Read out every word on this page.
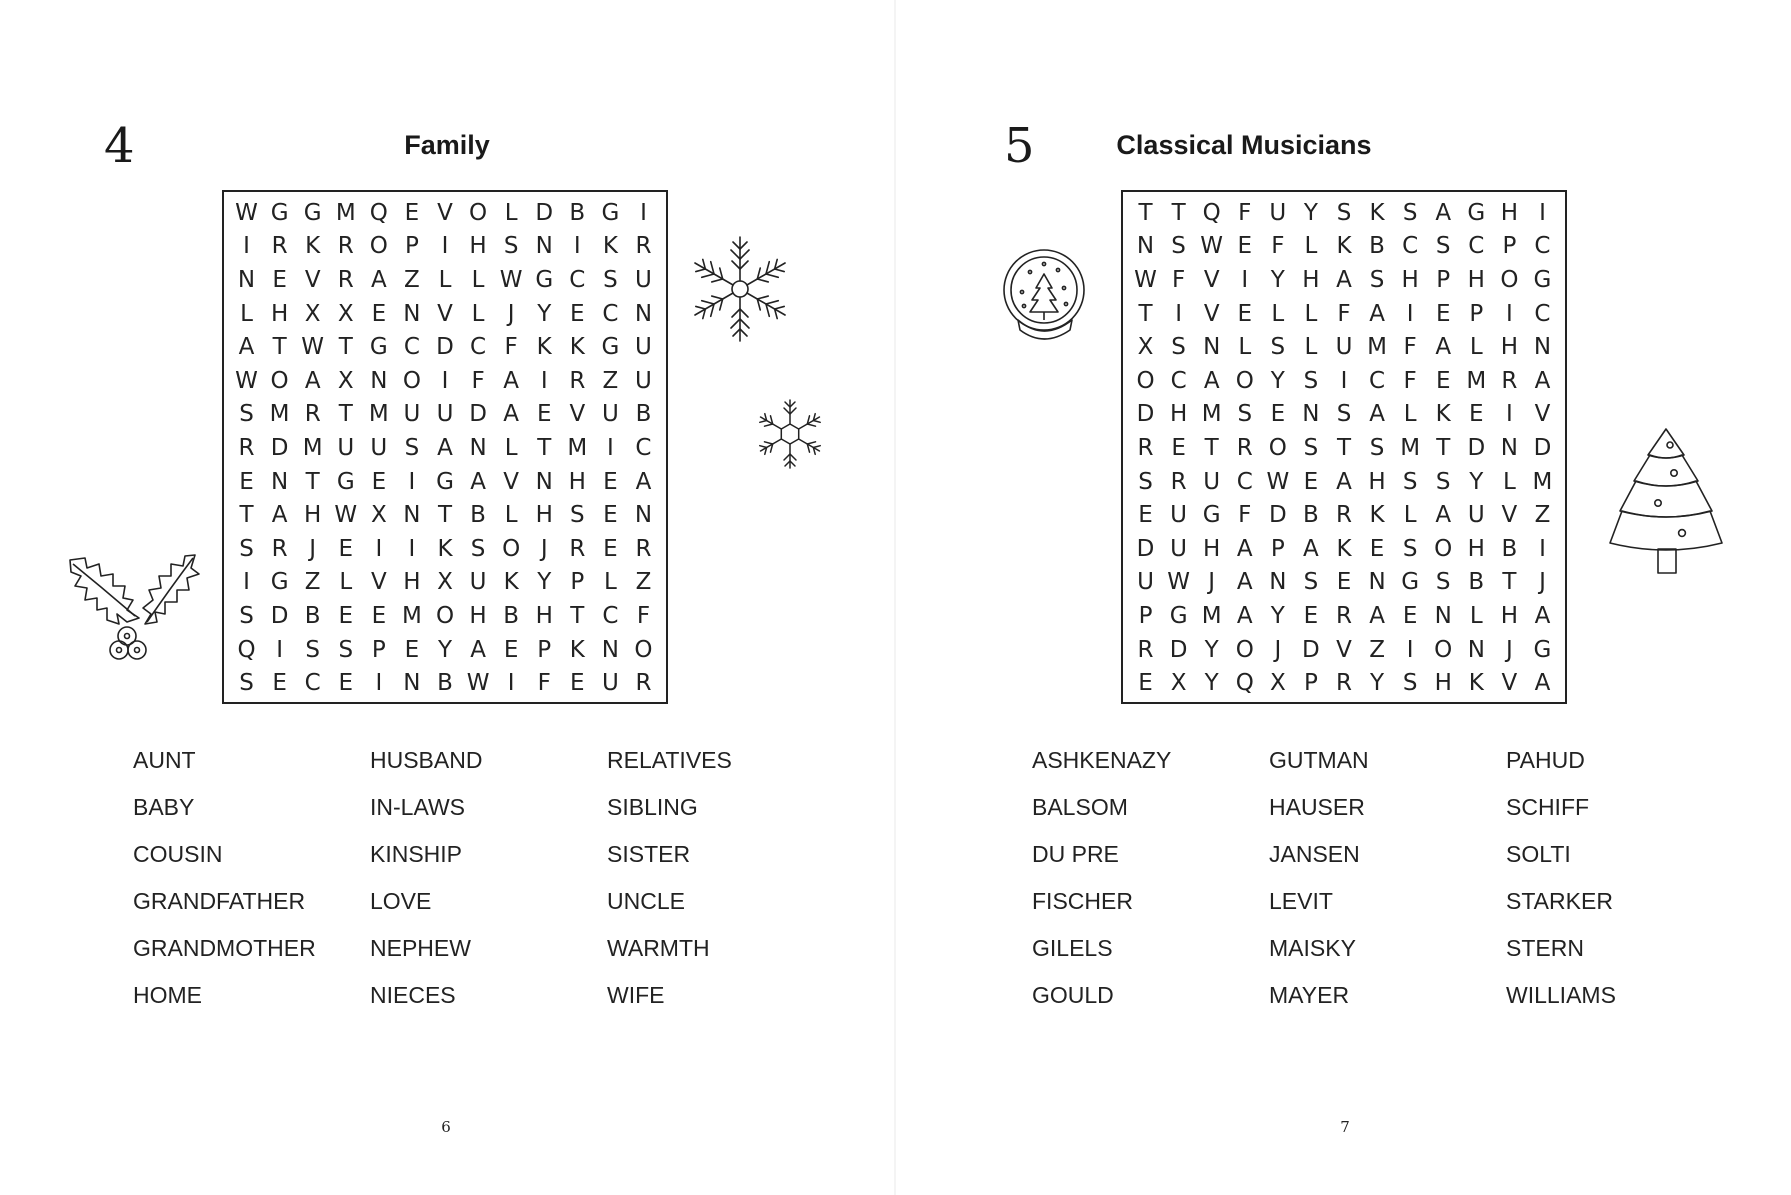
4	Family
W G G M Q E V O L D B G I
I R K R O P I H S N I K R
N E V R A Z L L W G C S U
L H X X E N V L	J Y E C N
A T W T G C D C F K K G U
W O A X N O I	F A I R Z U
S M R T M U U D A E V U B
R D M U U S A N L T M I C
E N T G E I G A V N H E A
T A H W X N T B L H S E N
S R J E I	I K S O J R E R
I G Z L V H X U K Y P L Z
S D B E E M O H B H T C F
Q I S S P E Y A E P K N O
S E C E I N B W I	F E U R
AUNT
BABY
COUSIN
GRANDFATHER
GRANDMOTHER
HOME
HUSBAND
IN-LAWS
KINSHIP
LOVE
NEPHEW
NIECES
RELATIVES
SIBLING
SISTER
UNCLE
WARMTH
WIFE
6
5	Classical Musicians
T T Q F U Y S K S A G H I
N S W E F L K B C S C P C
W F V I Y H A S H P H O G
T I V E L L F A I E P I C
X S N L S L U M F A L H N
O C A O Y S I C F E M R A
D H M S E N S A L K E I V
R E T R O S T S M T D N D
S R U C W E A H S S Y L M
E U G F D B R K L A U V Z
D U H A P A K E S O H B I
U W J A N S E N G S B T J
P G M A Y E R A E N L H A
R D Y O J D V Z I O N J G
E X Y Q X P R Y S H K V A
ASHKENAZY
BALSOM
DU PRE
FISCHER
GILELS
GOULD
GUTMAN
HAUSER
JANSEN
LEVIT
MAISKY
MAYER
PAHUD
SCHIFF
SOLTI
STARKER
STERN
WILLIAMS
7
